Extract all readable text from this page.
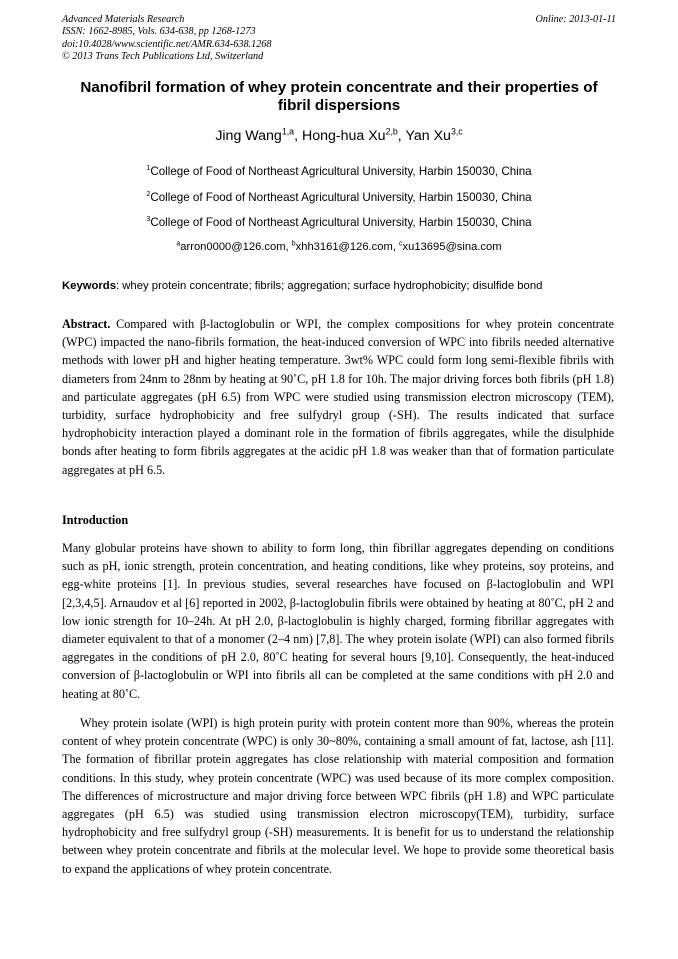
Advanced Materials Research	Online: 2013-01-11
ISSN: 1662-8985, Vols. 634-638, pp 1268-1273
doi:10.4028/www.scientific.net/AMR.634-638.1268
© 2013 Trans Tech Publications Ltd, Switzerland
Nanofibril formation of whey protein concentrate and their properties of fibril dispersions
Jing Wang$^{1,a}$, Hong-hua Xu$^{2,b}$, Yan Xu$^{3,c}$
$^1$College of Food of Northeast Agricultural University, Harbin 150030, China
$^2$College of Food of Northeast Agricultural University, Harbin 150030, China
$^3$College of Food of Northeast Agricultural University, Harbin 150030, China
$^a$arron0000@126.com, $^b$xhh3161@126.com, $^c$xu13695@sina.com
Keywords: whey protein concentrate; fibrils; aggregation; surface hydrophobicity; disulfide bond
Abstract. Compared with β-lactoglobulin or WPI, the complex compositions for whey protein concentrate (WPC) impacted the nano-fibrils formation, the heat-induced conversion of WPC into fibrils needed alternative methods with lower pH and higher heating temperature. 3wt% WPC could form long semi-flexible fibrils with diameters from 24nm to 28nm by heating at 90˚C, pH 1.8 for 10h. The major driving forces both fibrils (pH 1.8) and particulate aggregates (pH 6.5) from WPC were studied using transmission electron microscopy (TEM), turbidity, surface hydrophobicity and free sulfydryl group (-SH). The results indicated that surface hydrophobicity interaction played a dominant role in the formation of fibrils aggregates, while the disulphide bonds after heating to form fibrils aggregates at the acidic pH 1.8 was weaker than that of formation particulate aggregates at pH 6.5.
Introduction
Many globular proteins have shown to ability to form long, thin fibrillar aggregates depending on conditions such as pH, ionic strength, protein concentration, and heating conditions, like whey proteins, soy proteins, and egg-white proteins [1]. In previous studies, several researches have focused on β-lactoglobulin and WPI [2,3,4,5]. Arnaudov et al [6] reported in 2002, β-lactoglobulin fibrils were obtained by heating at 80˚C, pH 2 and low ionic strength for 10–24h. At pH 2.0, β-lactoglobulin is highly charged, forming fibrillar aggregates with diameter equivalent to that of a monomer (2–4 nm) [7,8]. The whey protein isolate (WPI) can also formed fibrils aggregates in the conditions of pH 2.0, 80˚C heating for several hours [9,10]. Consequently, the heat-induced conversion of β-lactoglobulin or WPI into fibrils all can be completed at the same conditions with pH 2.0 and heating at 80˚C.
Whey protein isolate (WPI) is high protein purity with protein content more than 90%, whereas the protein content of whey protein concentrate (WPC) is only 30~80%, containing a small amount of fat, lactose, ash [11]. The formation of fibrillar protein aggregates has close relationship with material composition and formation conditions. In this study, whey protein concentrate (WPC) was used because of its more complex composition. The differences of microstructure and major driving force between WPC fibrils (pH 1.8) and WPC particulate aggregates (pH 6.5) was studied using transmission electron microscopy(TEM), turbidity, surface hydrophobicity and free sulfydryl group (-SH) measurements. It is benefit for us to understand the relationship between whey protein concentrate and fibrils at the molecular level. We hope to provide some theoretical basis to expand the applications of whey protein concentrate.
